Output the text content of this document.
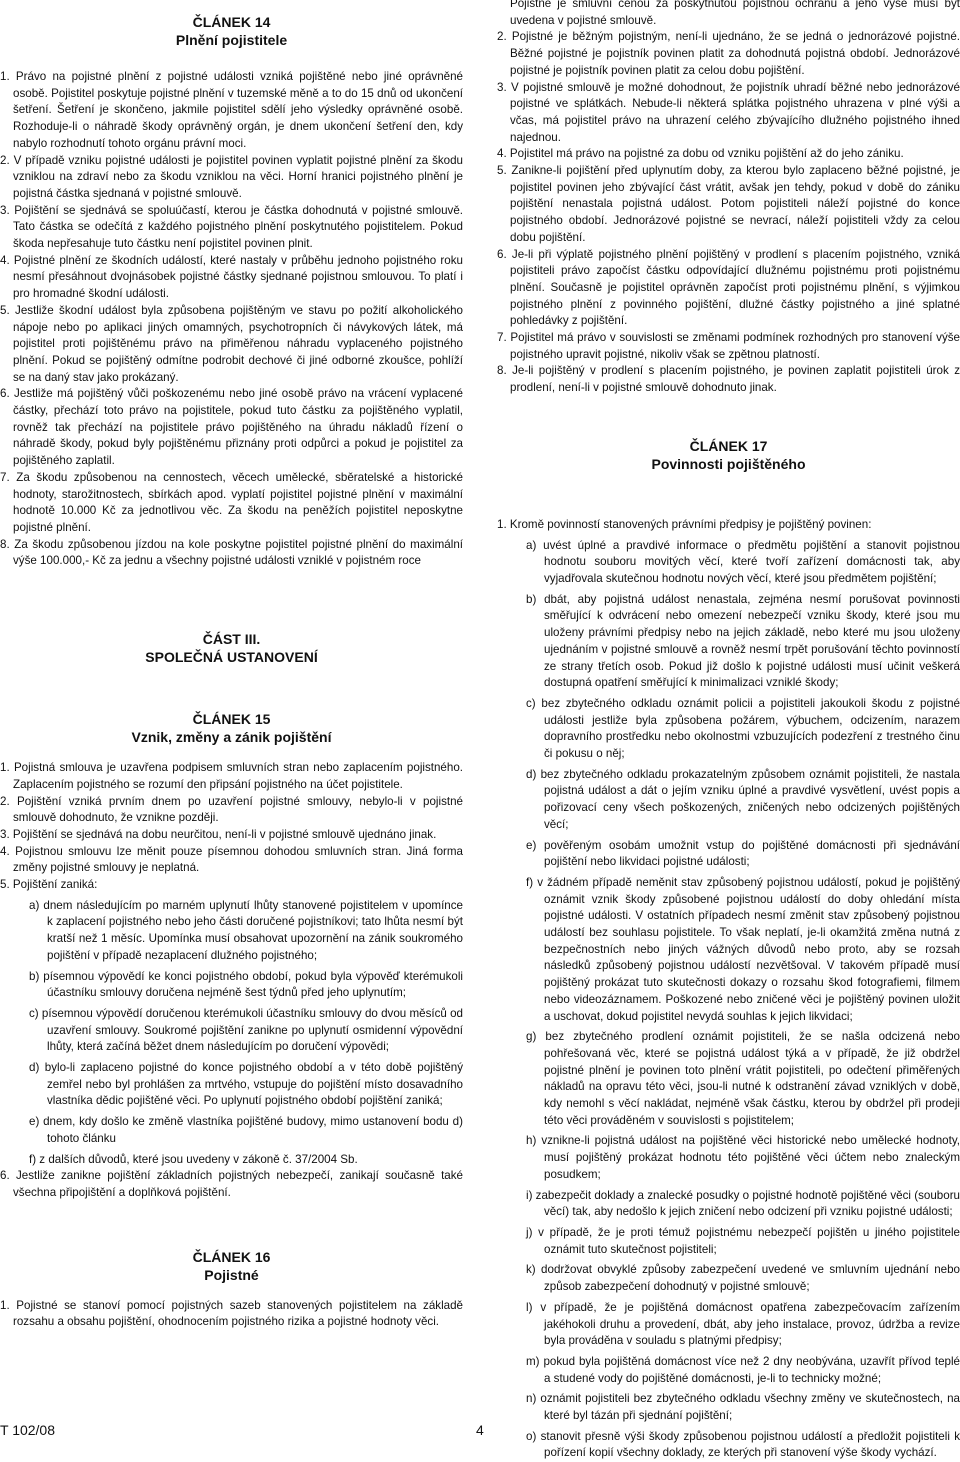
ČLÁNEK 14
Plnění pojistitele

1. Právo na pojistné plnění z pojistné události vzniká pojištěné nebo jiné oprávněné osobě. Pojistitel poskytuje pojistné plnění v tuzemské měně a to do 15 dnů od ukončení šetření. Šetření je skončeno, jakmile pojistitel sdělí jeho výsledky oprávněné osobě. Rozhoduje-li o náhradě škody oprávněný orgán, je dnem ukončení šetření den, kdy nabylo rozhodnutí tohoto orgánu právní moci.

2. V případě vzniku pojistné události je pojistitel povinen vyplatit pojistné plnění za škodu vzniklou na zdraví nebo za škodu vzniklou na věci. Horní hranici pojistného plnění je pojistná částka sjednaná v pojistné smlouvě.

3. Pojištění se sjednává se spoluúčastí, kterou je částka dohodnutá v pojistné smlouvě. Tato částka se odečítá z každého pojistného plnění poskytnutého pojistitelem. Pokud škoda nepřesahuje tuto částku není pojistitel povinen plnit.

4. Pojistné plnění ze škodních událostí, které nastaly v průběhu jednoho pojistného roku nesmí přesáhnout dvojnásobek pojistné částky sjednané pojistnou smlouvou. To platí i pro hromadné škodní události.

5. Jestliže škodní událost byla způsobena pojištěným ve stavu po požití alkoholického nápoje nebo po aplikaci jiných omamných, psychotropních či návykových látek, má pojistitel proti pojištěnému právo na přiměřenou náhradu vyplaceného pojistného plnění. Pokud se pojištěný odmítne podrobit dechové či jiné odborné zkoušce, pohlíží se na daný stav jako prokázaný.

6. Jestliže má pojištěný vůči poškozenému nebo jiné osobě právo na vrácení vyplacené částky, přechází toto právo na pojistitele, pokud tuto částku za pojištěného vyplatil, rovněž tak přechází na pojistitele právo pojištěného na úhradu nákladů řízení o náhradě škody, pokud byly pojištěnému přiznány proti odpůrci a pokud je pojistitel za pojištěného zaplatil.

7. Za škodu způsobenou na cennostech, věcech umělecké, sběratelské a historické hodnoty, starožitnostech, sbírkách apod. vyplatí pojistitel pojistné plnění v maximální hodnotě 10.000 Kč za jednotlivou věc. Za škodu na peněžích pojistitel neposkytne pojistné plnění.

8. Za škodu způsobenou jízdou na kole poskytne pojistitel pojistné plnění do maximální výše 100.000,- Kč za jednu a všechny pojistné události vzniklé v pojistném roce

ČÁST III.
SPOLEČNÁ USTANOVENÍ
ČLÁNEK 15
Vznik, změny a zánik pojištění

1. Pojistná smlouva je uzavřena podpisem smluvních stran nebo zaplacením pojistného. Zaplacením pojistného se rozumí den připsání pojistného na účet pojistitele.

2. Pojištění vzniká prvním dnem po uzavření pojistné smlouvy, nebylo-li v pojistné smlouvě dohodnuto, že vznikne později.

3. Pojištění se sjednává na dobu neurčitou, není-li v pojistné smlouvě ujednáno jinak.

4. Pojistnou smlouvu lze měnit pouze písemnou dohodou smluvních stran. Jiná forma změny pojistné smlouvy je neplatná.

5. Pojištění zaniká:

a) dnem následujícím po marném uplynutí lhůty stanovené pojistitelem v upomínce k zaplacení pojistného nebo jeho části doručené pojistníkovi; tato lhůta nesmí být kratší než 1 měsíc. Upomínka musí obsahovat upozornění na zánik soukromého pojištění v případě nezaplacení dlužného pojistného;

b) písemnou výpovědí ke konci pojistného období, pokud byla výpověď kterémukoli účastníku smlouvy doručena nejméně šest týdnů před jeho uplynutím;

c) písemnou výpovědí doručenou kterémukoli účastníku smlouvy do dvou měsíců od uzavření smlouvy. Soukromé pojištění zanikne po uplynutí osmidenní výpovědní lhůty, která začíná běžet dnem následujícím po doručení výpovědi;

d) bylo-li zaplaceno pojistné do konce pojistného období a v této době pojištěný zemřel nebo byl prohlášen za mrtvého, vstupuje do pojištění místo dosavadního vlastníka dědic pojištěné věci. Po uplynutí pojistného období pojištění zaniká;

e) dnem, kdy došlo ke změně vlastníka pojištěné budovy, mimo ustanovení bodu d) tohoto článku

f) z dalších důvodů, které jsou uvedeny v zákoně č. 37/2004 Sb.

6. Jestliže zanikne pojištění základních pojistných nebezpečí, zanikají současně také všechna připojištění a doplňková pojištění.

ČLÁNEK 16
Pojistné

1. Pojistné se stanoví pomocí pojistných sazeb stanovených pojistitelem na základě rozsahu a obsahu pojištění, ohodnocením pojistného rizika a pojistné hodnoty věci.

Pojistné je smluvní cenou za poskytnutou pojistnou ochranu a jeho výše musí být uvedena v pojistné smlouvě.

2. Pojistné je běžným pojistným, není-li ujednáno, že se jedná o jednorázové pojistné. Běžné pojistné je pojistník povinen platit za dohodnutá pojistná období. Jednorázové pojistné je pojistník povinen platit za celou dobu pojištění.

3. V pojistné smlouvě je možné dohodnout, že pojistník uhradí běžné nebo jednorázové pojistné ve splátkách. Nebude-li některá splátka pojistného uhrazena v plné výši a včas, má pojistitel právo na uhrazení celého zbývajícího dlužného pojistného ihned najednou.

4. Pojistitel má právo na pojistné za dobu od vzniku pojištění až do jeho zániku.

5. Zanikne-li pojištění před uplynutím doby, za kterou bylo zaplaceno běžné pojistné, je pojistitel povinen jeho zbývající část vrátit, avšak jen tehdy, pokud v době do zániku pojištění nenastala pojistná událost. Potom pojistiteli náleží pojistné do konce pojistného období. Jednorázové pojistné se nevrací, náleží pojistiteli vždy za celou dobu pojištění.

6. Je-li při výplatě pojistného plnění pojištěný v prodlení s placením pojistného, vzniká pojistiteli právo započíst částku odpovídající dlužnému pojistnému proti pojistnému plnění. Současně je pojistitel oprávněn započíst proti pojistnému plnění, s výjimkou pojistného plnění z povinného pojištění, dlužné částky pojistného a jiné splatné pohledávky z pojištění.

7. Pojistitel má právo v souvislosti se změnami podmínek rozhodných pro stanovení výše pojistného upravit pojistné, nikoliv však se zpětnou platností.

8. Je-li pojištěný v prodlení s placením pojistného, je povinen zaplatit pojistiteli úrok z prodlení, není-li v pojistné smlouvě dohodnuto jinak.

ČLÁNEK 17
Povinnosti pojištěného

1. Kromě povinností stanovených právními předpisy je pojištěný povinen:

a) uvést úplné a pravdivé informace o předmětu pojištění a stanovit pojistnou hodnotu souboru movitých věcí, které tvoří zařízení domácnosti tak, aby vyjadřovala skutečnou hodnotu nových věcí, které jsou předmětem pojištění;

b) dbát, aby pojistná událost nenastala, zejména nesmí porušovat povinnosti směřující k odvrácení nebo omezení nebezpečí vzniku škody, které jsou mu uloženy právními předpisy nebo na jejich základě, nebo které mu jsou uloženy ujednáním v pojistné smlouvě a rovněž nesmí trpět porušování těchto povinností ze strany třetích osob. Pokud již došlo k pojistné události musí učinit veškerá dostupná opatření směřující k minimalizaci vzniklé škody;

c) bez zbytečného odkladu oznámit policii a pojistiteli jakoukoli škodu z pojistné události jestliže byla způsobena požárem, výbuchem, odcizením, narazem dopravního prostředku nebo okolnostmi vzbuzujících podezření z trestného činu či pokusu o něj;

d) bez zbytečného odkladu prokazatelným způsobem oznámit pojistiteli, že nastala pojistná událost a dát o jejím vzniku úplné a pravdivé vysvětlení, uvést popis a pořizovací ceny všech poškozených, zničených nebo odcizených pojištěných věcí;

e) pověřeným osobám umožnit vstup do pojištěné domácnosti při sjednávání pojištění nebo likvidaci pojistné události;

f) v žádném případě neměnit stav způsobený pojistnou událostí, pokud je pojištěný oznámit vznik škody způsobené pojistnou událostí do doby ohledání místa pojistné události. V ostatních případech nesmí změnit stav způsobený pojistnou událostí bez souhlasu pojistitele. To však neplatí, je-li okamžitá změna nutná z bezpečnostních nebo jiných vážných důvodů nebo proto, aby se rozsah následků způsobený pojistnou událostí nezvětšoval. V takovém případě musí pojištěný prokázat tuto skutečnosti dokazy o rozsahu škod fotografiemi, filmem nebo videozáznamem. Poškozené nebo zničené věci je pojištěný povinen uložit a uschovat, dokud pojistitel nevydá souhlas k jejich likvidaci;

g) bez zbytečného prodlení oznámit pojistiteli, že se našla odcizená nebo pohřešovaná věc, které se pojistná událost týká a v případě, že již obdržel pojistné plnění je povinen toto plnění vrátit pojistiteli, po odečtení přiměřených nákladů na opravu této věci, jsou-li nutné k odstranění závad vzniklých v době, kdy nemohl s věcí nakládat, nejméně však částku, kterou by obdržel při prodeji této věci prováděném v souvislosti s pojistitelem;

h) vznikne-li pojistná událost na pojištěné věci historické nebo umělecké hodnoty, musí pojištěný prokázat hodnotu této pojištěné věci účtem nebo znaleckým posudkem;

i) zabezpečit doklady a znalecké posudky o pojistné hodnotě pojištěné věci (souboru věcí) tak, aby nedošlo k jejich zničení nebo odcizení při vzniku pojistné události;

j) v případě, že je proti témuž pojistnému nebezpečí pojištěn u jiného pojistitele oznámit tuto skutečnost pojistiteli;

k) dodržovat obvyklé způsoby zabezpečení uvedené ve smluvním ujednání nebo způsob zabezpečení dohodnutý v pojistné smlouvě;

l) v případě, že je pojištěná domácnost opatřena zabezpečovacím zařízením jakéhokoli druhu a provedení, dbát, aby jeho instalace, provoz, údržba a revize byla prováděna v souladu s platnými předpisy;

m) pokud byla pojištěná domácnost více než 2 dny neobývána, uzavřít přívod teplé a studené vody do pojištěné domácnosti, je-li to technicky možné;

n) oznámit pojistiteli bez zbytečného odkladu všechny změny ve skutečnostech, na které byl tázán při sjednání pojištění;

o) stanovit přesně výši škody způsobenou pojistnou událostí a předložit pojistiteli k pořízení kopií všechny doklady, ze kterých při stanovení výše škody vychází.

T 102/08	4
